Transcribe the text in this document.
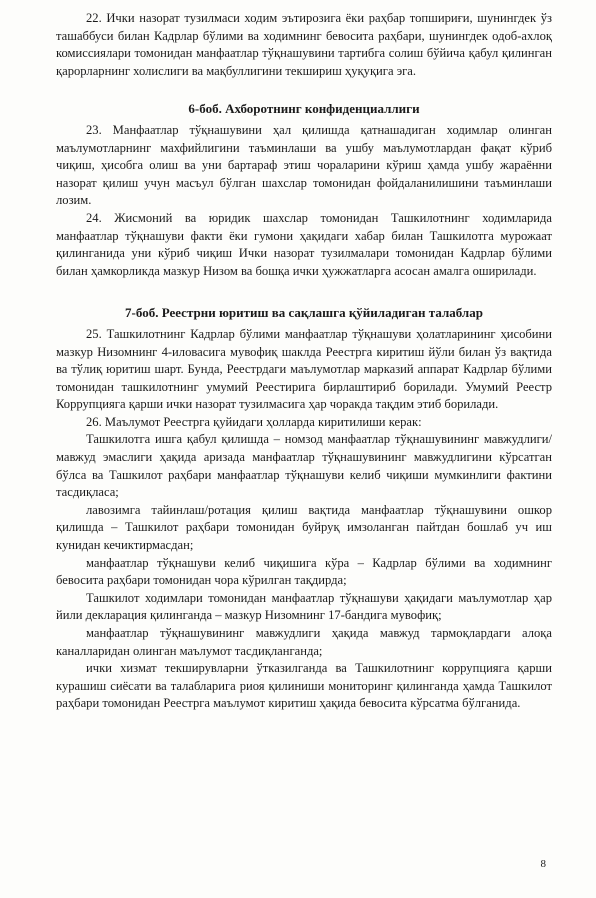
22. Ички назорат тузилмаси ходим эътирозига ёки раҳбар топшириғи, шунингдек ўз ташаббуси билан Кадрлар бўлими ва ходимнинг бевосита раҳбари, шунингдек одоб-ахлоқ комиссиялари томонидан манфаатлар тўқнашувини тартибга солиш бўйича қабул қилинган қарорларнинг холислиги ва мақбуллигини текшириш ҳуқуқига эга.

6-боб. Ахборотнинг конфиденциаллиги

23. Манфаатлар тўқнашувини ҳал қилишда қатнашадиган ходимлар олинган маълумотларнинг махфийлигини таъминлаши ва ушбу маълумотлардан фақат кўриб чиқиш, ҳисобга олиш ва уни бартараф этиш чораларини кўриш ҳамда ушбу жараённи назорат қилиш учун масъул бўлган шахслар томонидан фойдаланилишини таъминлаши лозим.

24. Жисмоний ва юридик шахслар томонидан Ташкилотнинг ходимларида манфаатлар тўқнашуви факти ёки гумони ҳақидаги хабар билан Ташкилотга мурожаат қилинганида уни кўриб чиқиш Ички назорат тузилмалари томонидан Кадрлар бўлими билан ҳамкорликда мазкур Низом ва бошқа ички ҳужжатларга асосан амалга оширилади.

7-боб. Реестрни юритиш ва сақлашга қўйиладиган талаблар

25. Ташкилотнинг Кадрлар бўлими манфаатлар тўқнашуви ҳолатларининг ҳисобини мазкур Низомнинг 4-иловасига мувофиқ шаклда Реестрга киритиш йўли билан ўз вақтида ва тўлиқ юритиш шарт. Бунда, Реестрдаги маълумотлар марказий аппарат Кадрлар бўлими томонидан ташкилотнинг умумий Реестирига бирлаштириб борилади. Умумий Реестр Коррупцияга қарши ички назорат тузилмасига ҳар чоракда тақдим этиб борилади.

26. Маълумот Реестрга қуйидаги ҳолларда киритилиши керак:

Ташкилотга ишга қабул қилишда – номзод манфаатлар тўқнашувининг мавжудлиги/мавжуд эмаслиги ҳақида аризада манфаатлар тўқнашувининг мавжудлигини кўрсатган бўлса ва Ташкилот раҳбари манфаатлар тўқнашуви келиб чиқиши мумкинлиги фактини тасдиқласа;

лавозимга тайинлаш/ротация қилиш вақтида манфаатлар тўқнашувини ошкор қилишда – Ташкилот раҳбари томонидан буйруқ имзоланган пайтдан бошлаб уч иш кунидан кечиктирмасдан;

манфаатлар тўқнашуви келиб чиқишига кўра – Кадрлар бўлими ва ходимнинг бевосита раҳбари томонидан чора кўрилган тақдирда;

Ташкилот ходимлари томонидан манфаатлар тўқнашуви ҳақидаги маълумотлар ҳар йили декларация қилинганда – мазкур Низомнинг 17-бандига мувофиқ;

манфаатлар тўқнашувининг мавжудлиги ҳақида мавжуд тармоқлардаги алоқа каналларидан олинган маълумот тасдиқланганда;

ички хизмат текширувларни ўтказилганда ва Ташкилотнинг коррупцияга қарши курашиш сиёсати ва талабларига риоя қилиниши мониторинг қилинганда ҳамда Ташкилот раҳбари томонидан Реестрга маълумот киритиш ҳақида бевосита кўрсатма бўлганида.

8
